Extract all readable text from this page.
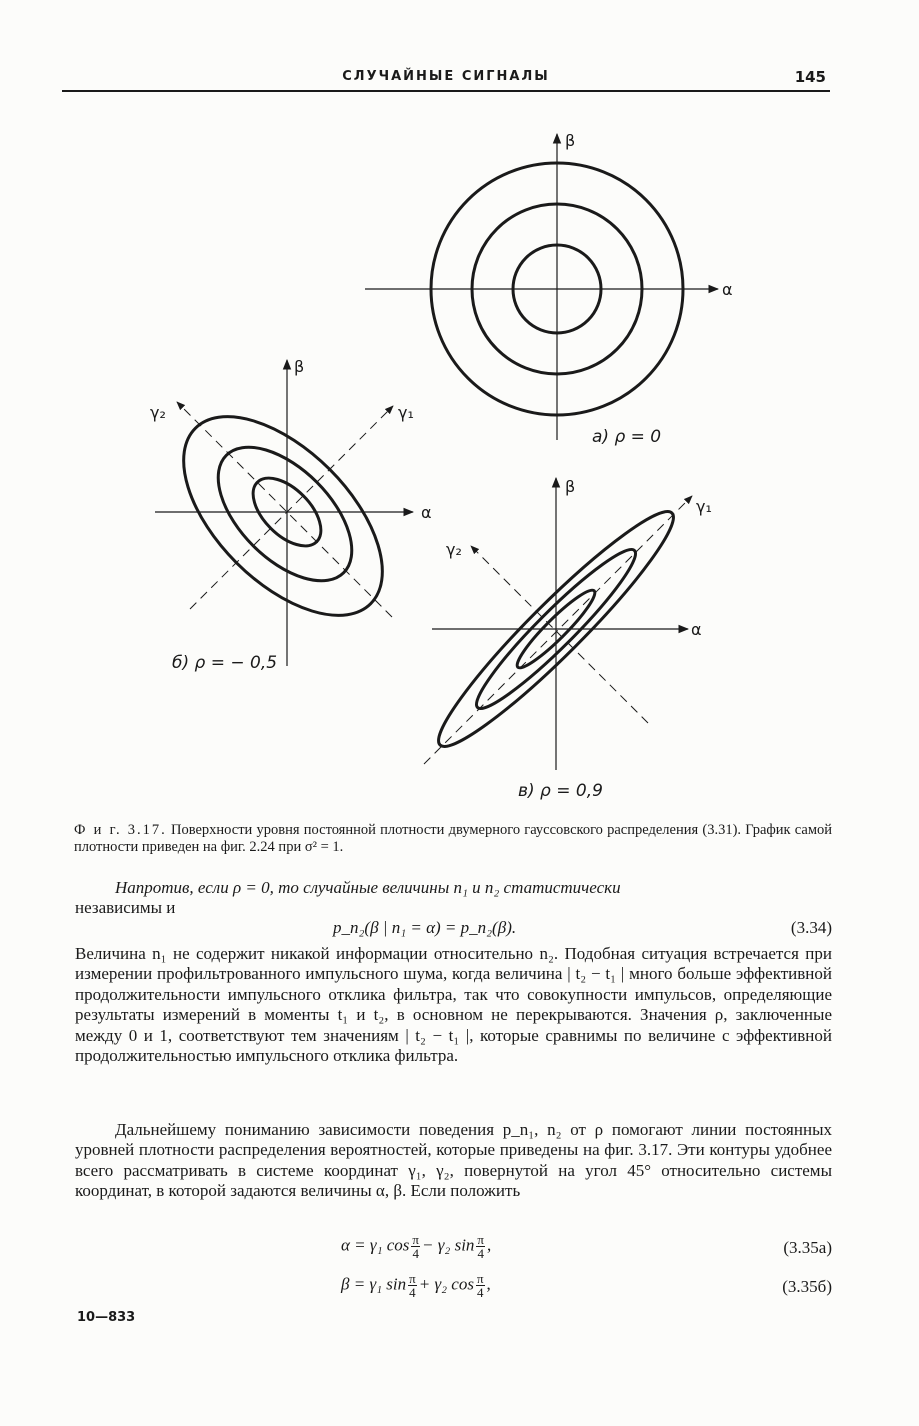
СЛУЧАЙНЫЕ СИГНАЛЫ	145
β
α
а) ρ = 0
β
α
γ₁
γ₂
б) ρ = − 0,5
β
α
γ₁
γ₂
в) ρ = 0,9
Ф и г. 3.17. Поверхности уровня постоянной плотности двумерного гауссовского распределения (3.31). График самой плотности приведен на фиг. 2.24 при σ² = 1.

Напротив, если ρ = 0, то случайные величины n₁ и n₂ статистически

независимы и

p_n₂(β | n₁ = α) = p_n₂(β).	(3.34)

Величина n₁ не содержит никакой информации относительно n₂. Подобная ситуация встречается при измерении профильтрованного импульсного шума, когда величина | t₂ − t₁ | много больше эффективной продолжительности импульсного отклика фильтра, так что совокупности импульсов, определяющие результаты измерений в моменты t₁ и t₂, в основном не перекрываются. Значения ρ, заключенные между 0 и 1, соответствуют тем значениям | t₂ − t₁ |, которые сравнимы по величине с эффективной продолжительностью импульсного отклика фильтра.

Дальнейшему пониманию зависимости поведения p_n₁, n₂ от ρ помогают линии постоянных уровней плотности распределения вероятностей, которые приведены на фиг. 3.17. Эти контуры удобнее всего рассматривать в системе координат γ₁, γ₂, повернутой на угол 45° относительно системы координат, в которой задаются величины α, β. Если положить

α = γ₁ $\cos \frac{\pi}{4} - \gamma_2$ $\sin \frac{\pi}{4}$ ,	(3.35a)
β = γ₁ $\sin \frac{\pi}{4} + \gamma_2$ $\cos \frac{\pi}{4}$ ,	(3.35б)
10—833
